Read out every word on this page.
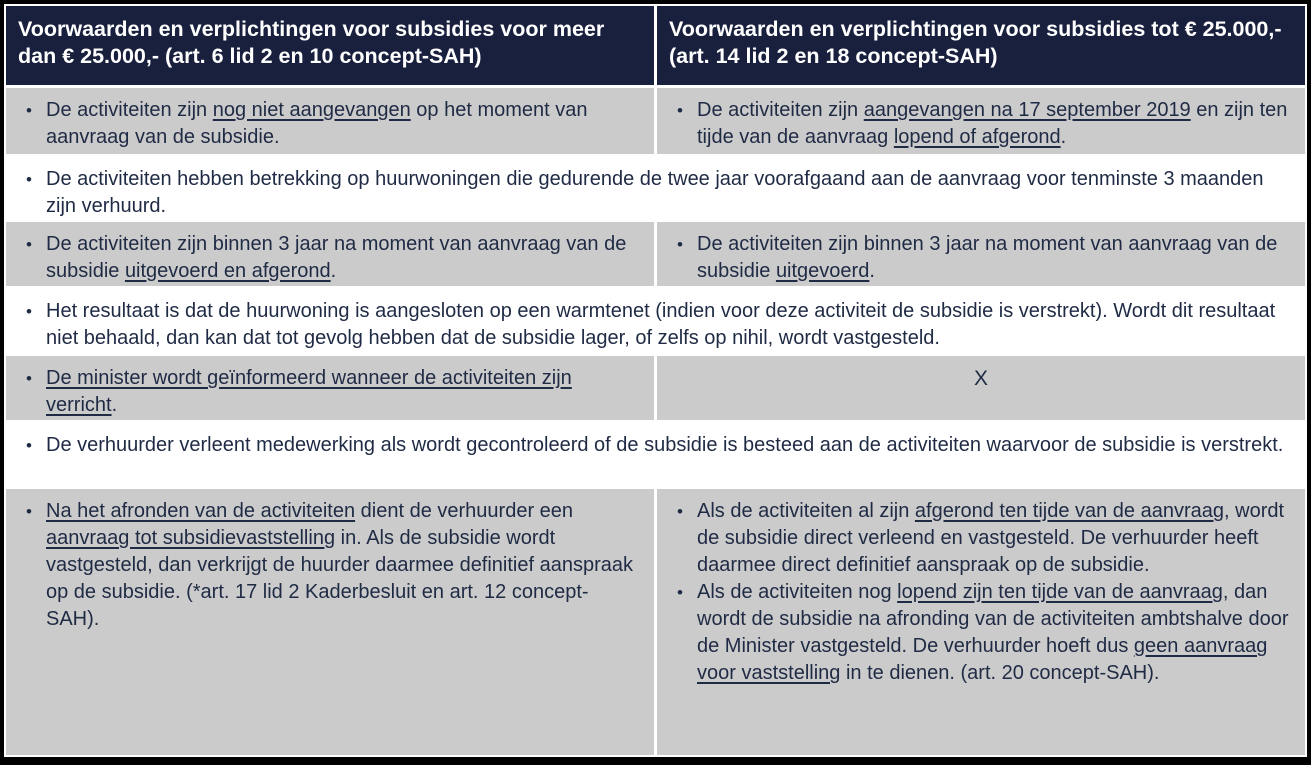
Voorwaarden en verplichtingen voor subsidies voor meer dan € 25.000,- (art. 6 lid 2 en 10 concept-SAH)
Voorwaarden en verplichtingen voor subsidies tot € 25.000,- (art. 14 lid 2 en 18 concept-SAH)
• De activiteiten zijn nog niet aangevangen op het moment van aanvraag van de subsidie.
• De activiteiten zijn aangevangen na 17 september 2019 en zijn ten tijde van de aanvraag lopend of afgerond.
• De activiteiten hebben betrekking op huurwoningen die gedurende de twee jaar voorafgaand aan de aanvraag voor tenminste 3 maanden zijn verhuurd.
• De activiteiten zijn binnen 3 jaar na moment van aanvraag van de subsidie uitgevoerd en afgerond.
• De activiteiten zijn binnen 3 jaar na moment van aanvraag van de subsidie uitgevoerd.
• Het resultaat is dat de huurwoning is aangesloten op een warmtenet (indien voor deze activiteit de subsidie is verstrekt). Wordt dit resultaat niet behaald, dan kan dat tot gevolg hebben dat de subsidie lager, of zelfs op nihil, wordt vastgesteld.
• De minister wordt geïnformeerd wanneer de activiteiten zijn verricht.
X
• De verhuurder verleent medewerking als wordt gecontroleerd of de subsidie is besteed aan de activiteiten waarvoor de subsidie is verstrekt.
• Na het afronden van de activiteiten dient de verhuurder een aanvraag tot subsidievaststelling in. Als de subsidie wordt vastgesteld, dan verkrijgt de huurder daarmee definitief aanspraak op de subsidie. (*art. 17 lid 2 Kaderbesluit en art. 12 concept-SAH).
• Als de activiteiten al zijn afgerond ten tijde van de aanvraag, wordt de subsidie direct verleend en vastgesteld. De verhuurder heeft daarmee direct definitief aanspraak op de subsidie.
• Als de activiteiten nog lopend zijn ten tijde van de aanvraag, dan wordt de subsidie na afronding van de activiteiten ambtshalve door de Minister vastgesteld. De verhuurder hoeft dus geen aanvraag voor vaststelling in te dienen. (art. 20 concept-SAH).
